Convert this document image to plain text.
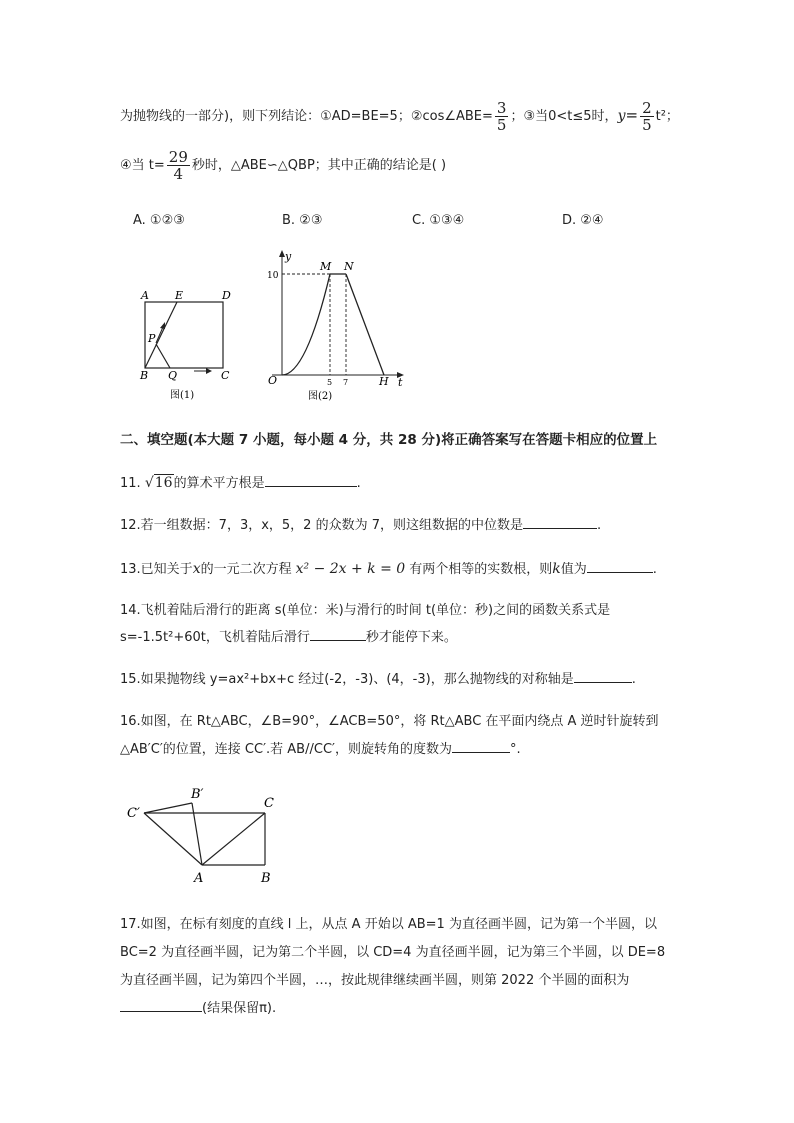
为抛物线的一部分)，则下列结论：①AD=BE=5；②cos∠ABE= $\frac{3}{5}$ ；③当0<t≤5时，$y= \frac{2}{5} t^2$；
④当 $t= \frac{29}{4}$ 秒时，△ABE∽△QBP；其中正确的结论是( )
A. ①②③	B. ②③	C. ①③④	D. ②④
A E	D
P
B Q	C
图(1)
y
10
M N
O	5 7	H t
图(2)
二、填空题(本大题 7 小题，每小题 4 分，共 28 分)将正确答案写在答题卡相应的位置上
11. √16的算术平方根是	.
12.若一组数据：7，3，x，5，2 的众数为 7，则这组数据的中位数是	.
13.已知关于x的一元二次方程 x² − 2x + k = 0 有两个相等的实数根，则k值为	.
14.飞机着陆后滑行的距离 s(单位：米)与滑行的时间 t(单位：秒)之间的函数关系式是
s=-1.5t²+60t，飞机着陆后滑行	秒才能停下来。
15.如果抛物线 y=ax²+bx+c 经过(-2，-3)、(4，-3)，那么抛物线的对称轴是	.
16.如图，在 Rt△ABC，∠B=90°，∠ACB=50°，将 Rt△ABC 在平面内绕点 A 逆时针旋转到
△AB′C′的位置，连接 CC′.若 AB//CC′，则旋转角的度数为	°.
C′
B′
C
A	B
17.如图，在标有刻度的直线 l 上，从点 A 开始以 AB=1 为直径画半圆，记为第一个半圆，以
BC=2 为直径画半圆，记为第二个半圆，以 CD=4 为直径画半圆，记为第三个半圆，以 DE=8
为直径画半圆，记为第四个半圆，…，按此规律继续画半圆，则第 2022 个半圆的面积为
(结果保留π).
